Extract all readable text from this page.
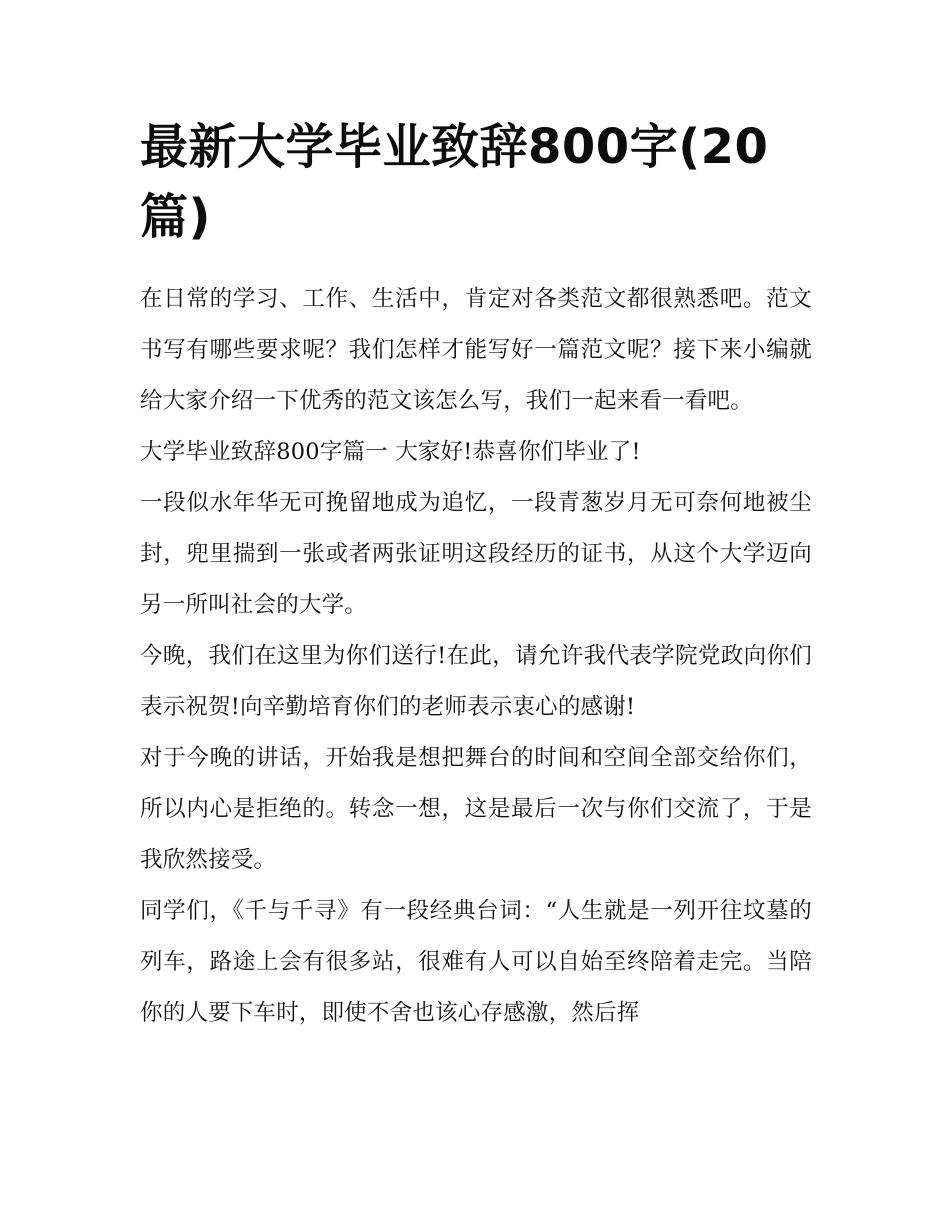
最新大学毕业致辞800字(20篇)

在日常的学习、工作、生活中，肯定对各类范文都很熟悉吧。范文书写有哪些要求呢？我们怎样才能写好一篇范文呢？接下来小编就给大家介绍一下优秀的范文该怎么写，我们一起来看一看吧。

大学毕业致辞800字篇一 大家好!恭喜你们毕业了!

一段似水年华无可挽留地成为追忆，一段青葱岁月无可奈何地被尘封，兜里揣到一张或者两张证明这段经历的证书，从这个大学迈向另一所叫社会的大学。

今晚，我们在这里为你们送行!在此，请允许我代表学院党政向你们表示祝贺!向辛勤培育你们的老师表示衷心的感谢!

对于今晚的讲话，开始我是想把舞台的时间和空间全部交给你们，所以内心是拒绝的。转念一想，这是最后一次与你们交流了，于是我欣然接受。

同学们，《千与千寻》有一段经典台词：“人生就是一列开往坟墓的列车，路途上会有很多站，很难有人可以自始至终陪着走完。当陪你的人要下车时，即使不舍也该心存感激，然后挥
